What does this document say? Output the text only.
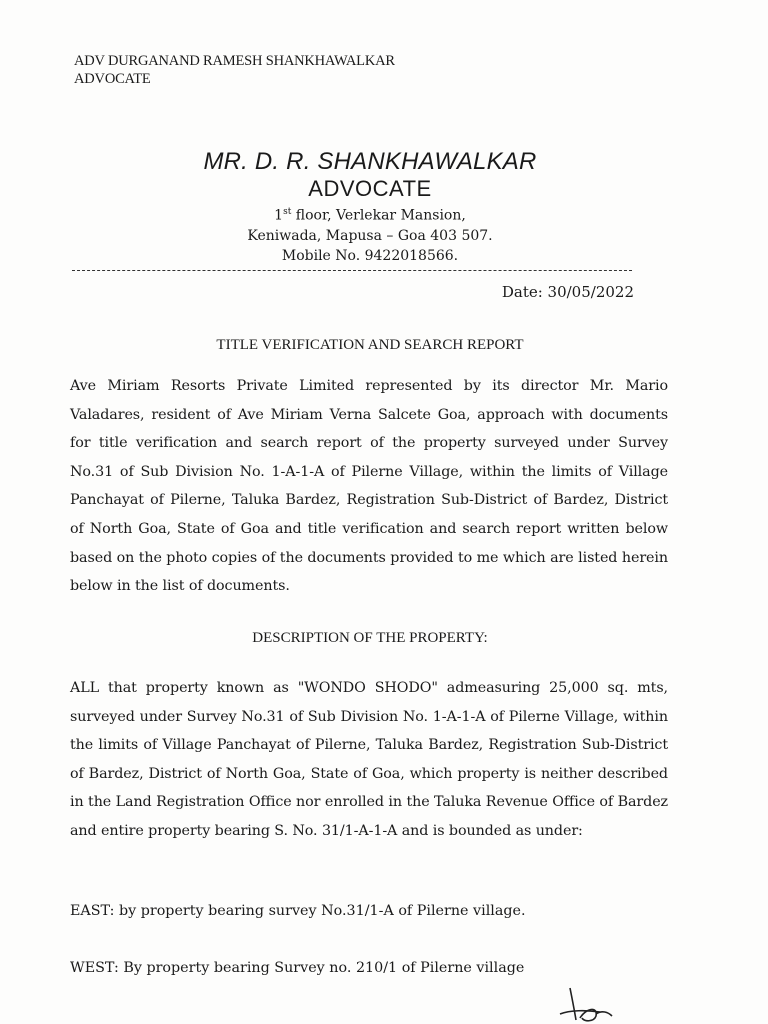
ADV DURGANAND RAMESH SHANKHAWALKAR
ADVOCATE
MR. D. R. SHANKHAWALKAR
ADVOCATE
1st floor, Verlekar Mansion,
Keniwada, Mapusa – Goa 403 507.
Mobile No. 9422018566.
Date: 30/05/2022
TITLE VERIFICATION AND SEARCH REPORT
Ave Miriam Resorts Private Limited represented by its director Mr. Mario Valadares, resident of Ave Miriam Verna Salcete Goa, approach with documents for title verification and search report of the property surveyed under Survey No.31 of Sub Division No. 1-A-1-A of Pilerne Village, within the limits of Village Panchayat of Pilerne, Taluka Bardez, Registration Sub-District of Bardez, District of North Goa, State of Goa and title verification and search report written below based on the photo copies of the documents provided to me which are listed herein below in the list of documents.
DESCRIPTION OF THE PROPERTY:
ALL that property known as "WONDO SHODO" admeasuring 25,000 sq. mts, surveyed under Survey No.31 of Sub Division No. 1-A-1-A of Pilerne Village, within the limits of Village Panchayat of Pilerne, Taluka Bardez, Registration Sub-District of Bardez, District of North Goa, State of Goa, which property is neither described in the Land Registration Office nor enrolled in the Taluka Revenue Office of Bardez and entire property bearing S. No. 31/1-A-1-A and is bounded as under:
EAST: by property bearing survey No.31/1-A of Pilerne village.
WEST: By property bearing Survey no. 210/1 of Pilerne village
